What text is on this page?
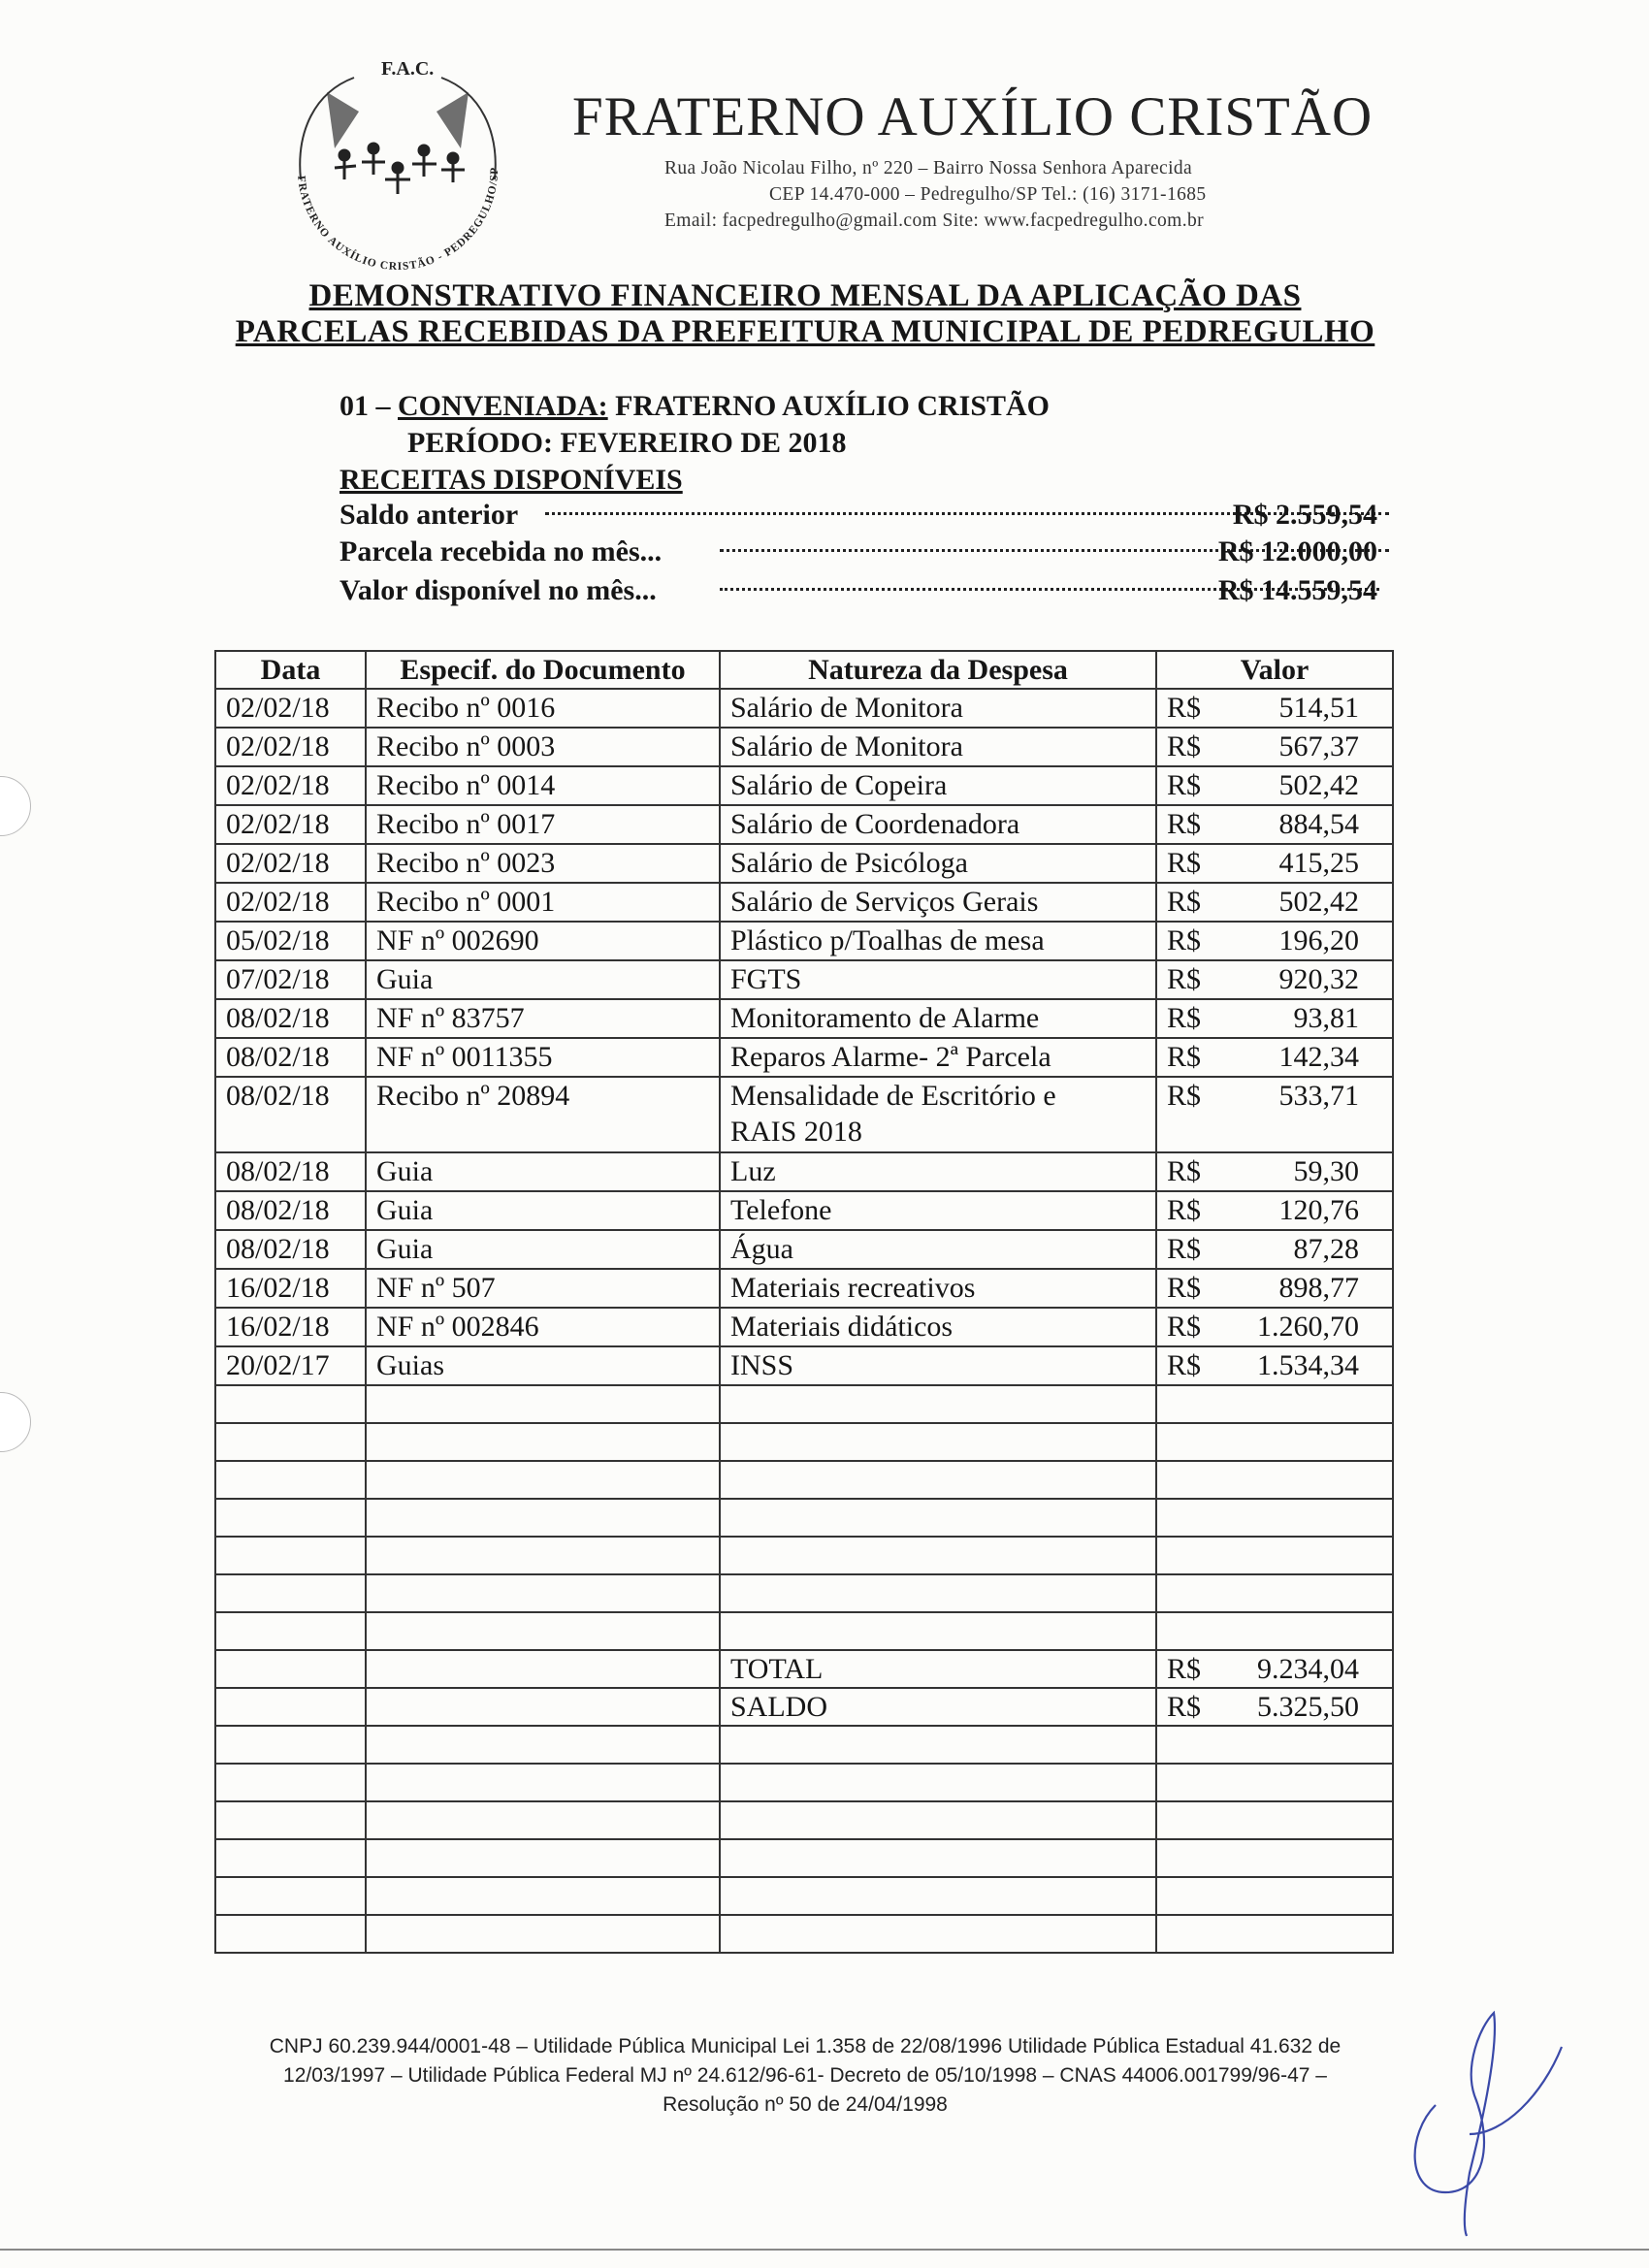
F.A.C.
FRATERNO AUXÍLIO CRISTÃO - PEDREGULHO/SP
FRATERNO AUXÍLIO CRISTÃO
Rua João Nicolau Filho, nº 220 – Bairro Nossa Senhora Aparecida
CEP 14.470-000 – Pedregulho/SP Tel.: (16) 3171-1685
Email: facpedregulho@gmail.com Site: www.facpedregulho.com.br
DEMONSTRATIVO FINANCEIRO MENSAL DA APLICAÇÃO DAS
PARCELAS RECEBIDAS DA PREFEITURA MUNICIPAL DE PEDREGULHO
01 – CONVENIADA: FRATERNO AUXÍLIO CRISTÃO
PERÍODO: FEVEREIRO DE 2018
RECEITAS DISPONÍVEIS
Saldo anterior	R$ 2.559,54
Parcela recebida no mês...	R$ 12.000,00
Valor disponível no mês...	R$ 14.559,54
Data	Especif. do Documento	Natureza da Despesa	Valor	
02/02/18	Recibo nº 0016	Salário de Monitora	R$	514,51
02/02/18	Recibo nº 0003	Salário de Monitora	R$	567,37
02/02/18	Recibo nº 0014	Salário de Copeira	R$	502,42
02/02/18	Recibo nº 0017	Salário de Coordenadora	R$	884,54
02/02/18	Recibo nº 0023	Salário de Psicóloga	R$	415,25
02/02/18	Recibo nº 0001	Salário de Serviços Gerais	R$	502,42
05/02/18	NF nº 002690	Plástico p/Toalhas de mesa	R$	196,20
07/02/18	Guia	FGTS	R$	920,32
08/02/18	NF nº 83757	Monitoramento de Alarme	R$	93,81
08/02/18	NF nº 0011355	Reparos Alarme- 2ª Parcela	R$	142,34
08/02/18	Recibo nº 20894	Mensalidade de Escritório e
RAIS 2018	R$	533,71
08/02/18	Guia	Luz	R$	59,30
08/02/18	Guia	Telefone	R$	120,76
08/02/18	Guia	Água	R$	87,28
16/02/18	NF nº 507	Materiais recreativos	R$	898,77
16/02/18	NF nº 002846	Materiais didáticos	R$	1.260,70
20/02/17	Guias	INSS	R$	1.534,34

		TOTAL	R$	9.234,04
		SALDO	R$	5.325,50

CNPJ 60.239.944/0001-48 – Utilidade Pública Municipal Lei 1.358 de 22/08/1996 Utilidade Pública Estadual 41.632 de
12/03/1997 – Utilidade Pública Federal MJ nº 24.612/96-61- Decreto de 05/10/1998 – CNAS 44006.001799/96-47 –
Resolução nº 50 de 24/04/1998
